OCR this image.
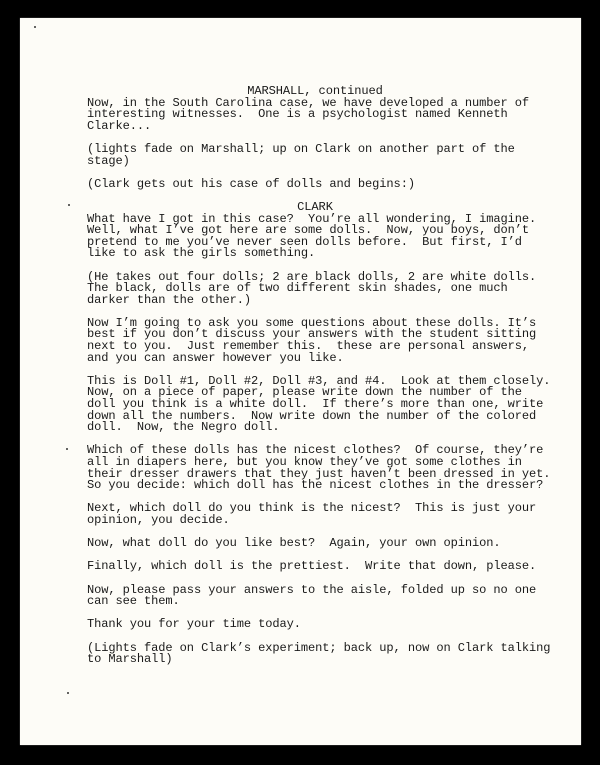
MARSHALL, continued

Now, in the South Carolina case, we have developed a number of
interesting witnesses.  One is a psychologist named Kenneth
Clarke...

(lights fade on Marshall; up on Clark on another part of the
stage)

(Clark gets out his case of dolls and begins:)

CLARK

What have I got in this case?  You’re all wondering, I imagine.
Well, what I’ve got here are some dolls.  Now, you boys, don’t
pretend to me you’ve never seen dolls before.  But first, I’d
like to ask the girls something.

(He takes out four dolls; 2 are black dolls, 2 are white dolls.
The black, dolls are of two different skin shades, one much
darker than the other.)

Now I’m going to ask you some questions about these dolls. It’s
best if you don’t discuss your answers with the student sitting
next to you.  Just remember this.  these are personal answers,
and you can answer however you like.

This is Doll #1, Doll #2, Doll #3, and #4.  Look at them closely.
Now, on a piece of paper, please write down the number of the
doll you think is a white doll.  If there’s more than one, write
down all the numbers.  Now write down the number of the colored
doll.  Now, the Negro doll.

Which of these dolls has the nicest clothes?  Of course, they’re
all in diapers here, but you know they’ve got some clothes in
their dresser drawers that they just haven’t been dressed in yet.
So you decide: which doll has the nicest clothes in the dresser?

Next, which doll do you think is the nicest?  This is just your
opinion, you decide.

Now, what doll do you like best?  Again, your own opinion.

Finally, which doll is the prettiest.  Write that down, please.

Now, please pass your answers to the aisle, folded up so no one
can see them.

Thank you for your time today.

(Lights fade on Clark’s experiment; back up, now on Clark talking
to Marshall)
